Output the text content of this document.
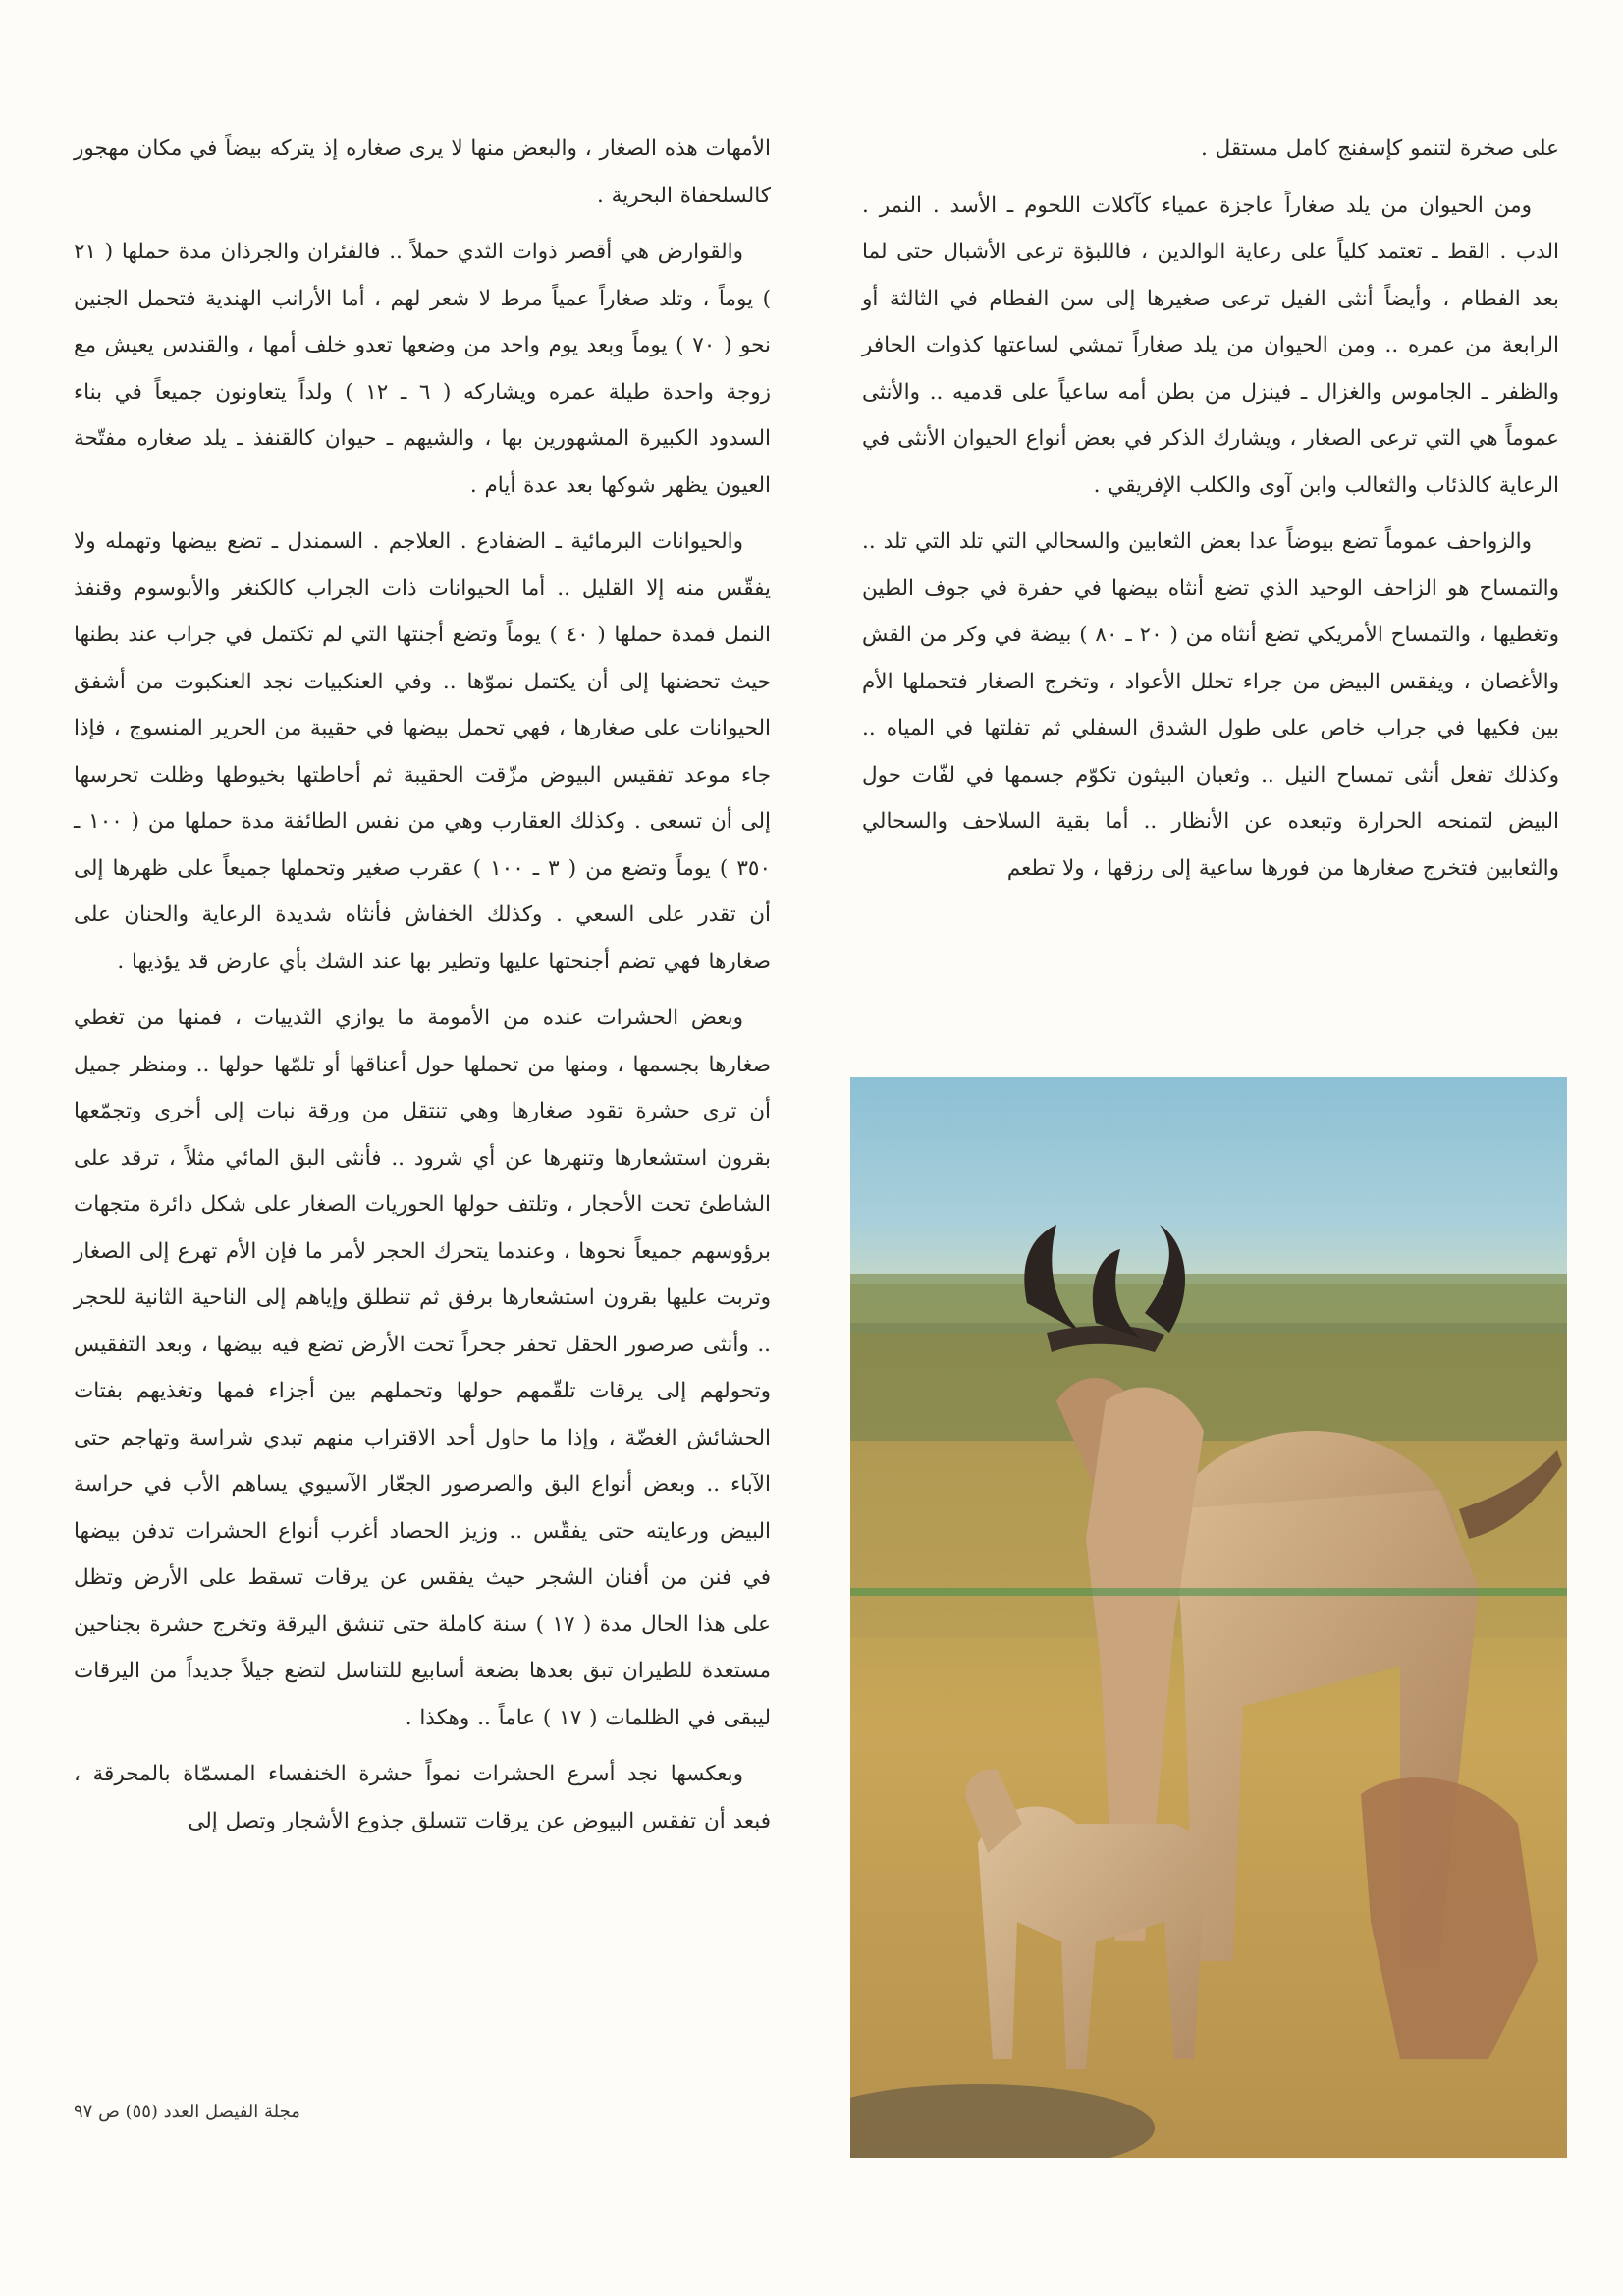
على صخرة لتنمو كإسفنج كامل مستقل .

ومن الحيوان من يلد صغاراً عاجزة عمياء كآكلات اللحوم ـ الأسد . النمر . الدب . القط ـ تعتمد كلياً على رعاية الوالدين ، فاللبؤة ترعى الأشبال حتى لما بعد الفطام ، وأيضاً أنثى الفيل ترعى صغيرها إلى سن الفطام في الثالثة أو الرابعة من عمره .. ومن الحيوان من يلد صغاراً تمشي لساعتها كذوات الحافر والظفر ـ الجاموس والغزال ـ فينزل من بطن أمه ساعياً على قدميه .. والأنثى عموماً هي التي ترعى الصغار ، ويشارك الذكر في بعض أنواع الحيوان الأنثى في الرعاية كالذئاب والثعالب وابن آوى والكلب الإفريقي .

والزواحف عموماً تضع بيوضاً عدا بعض الثعابين والسحالي التي تلد التي تلد .. والتمساح هو الزاحف الوحيد الذي تضع أنثاه بيضها في حفرة في جوف الطين وتغطيها ، والتمساح الأمريكي تضع أنثاه من ( ٢٠ ـ ٨٠ ) بيضة في وكر من القش والأغصان ، ويفقس البيض من جراء تحلل الأعواد ، وتخرج الصغار فتحملها الأم بين فكيها في جراب خاص على طول الشدق السفلي ثم تفلتها في المياه .. وكذلك تفعل أنثى تمساح النيل .. وثعبان البيثون تكوّم جسمها في لفّات حول البيض لتمنحه الحرارة وتبعده عن الأنظار .. أما بقية السلاحف والسحالي والثعابين فتخرج صغارها من فورها ساعية إلى رزقها ، ولا تطعم

الأمهات هذه الصغار ، والبعض منها لا يرى صغاره إذ يتركه بيضاً في مكان مهجور كالسلحفاة البحرية .

والقوارض هي أقصر ذوات الثدي حملاً .. فالفئران والجرذان مدة حملها ( ٢١ ) يوماً ، وتلد صغاراً عمياً مرط لا شعر لهم ، أما الأرانب الهندية فتحمل الجنين نحو ( ٧٠ ) يوماً وبعد يوم واحد من وضعها تعدو خلف أمها ، والقندس يعيش مع زوجة واحدة طيلة عمره ويشاركه ( ٦ ـ ١٢ ) ولداً يتعاونون جميعاً في بناء السدود الكبيرة المشهورين بها ، والشيهم ـ حيوان كالقنفذ ـ يلد صغاره مفتّحة العيون يظهر شوكها بعد عدة أيام .

والحيوانات البرمائية ـ الضفادع . العلاجم . السمندل ـ تضع بيضها وتهمله ولا يفقّس منه إلا القليل .. أما الحيوانات ذات الجراب كالكنغر والأبوسوم وقنفذ النمل فمدة حملها ( ٤٠ ) يوماً وتضع أجنتها التي لم تكتمل في جراب عند بطنها حيث تحضنها إلى أن يكتمل نموّها .. وفي العنكبيات نجد العنكبوت من أشفق الحيوانات على صغارها ، فهي تحمل بيضها في حقيبة من الحرير المنسوج ، فإذا جاء موعد تفقيس البيوض مزّقت الحقيبة ثم أحاطتها بخيوطها وظلت تحرسها إلى أن تسعى . وكذلك العقارب وهي من نفس الطائفة مدة حملها من ( ١٠٠ ـ ٣٥٠ ) يوماً وتضع من ( ٣ ـ ١٠٠ ) عقرب صغير وتحملها جميعاً على ظهرها إلى أن تقدر على السعي . وكذلك الخفاش فأنثاه شديدة الرعاية والحنان على صغارها فهي تضم أجنحتها عليها وتطير بها عند الشك بأي عارض قد يؤذيها .

وبعض الحشرات عنده من الأمومة ما يوازي الثدييات ، فمنها من تغطي صغارها بجسمها ، ومنها من تحملها حول أعناقها أو تلمّها حولها .. ومنظر جميل أن ترى حشرة تقود صغارها وهي تنتقل من ورقة نبات إلى أخرى وتجمّعها بقرون استشعارها وتنهرها عن أي شرود .. فأنثى البق المائي مثلاً ، ترقد على الشاطئ تحت الأحجار ، وتلتف حولها الحوريات الصغار على شكل دائرة متجهات برؤوسهم جميعاً نحوها ، وعندما يتحرك الحجر لأمر ما فإن الأم تهرع إلى الصغار وتربت عليها بقرون استشعارها برفق ثم تنطلق وإياهم إلى الناحية الثانية للحجر .. وأنثى صرصور الحقل تحفر جحراً تحت الأرض تضع فيه بيضها ، وبعد التفقيس وتحولهم إلى يرقات تلقّمهم حولها وتحملهم بين أجزاء فمها وتغذيهم بفتات الحشائش الغضّة ، وإذا ما حاول أحد الاقتراب منهم تبدي شراسة وتهاجم حتى الآباء .. وبعض أنواع البق والصرصور الجعّار الآسيوي يساهم الأب في حراسة البيض ورعايته حتى يفقّس .. وزيز الحصاد أغرب أنواع الحشرات تدفن بيضها في فنن من أفنان الشجر حيث يفقس عن يرقات تسقط على الأرض وتظل على هذا الحال مدة ( ١٧ ) سنة كاملة حتى تنشق اليرقة وتخرج حشرة بجناحين مستعدة للطيران تبق بعدها بضعة أسابيع للتناسل لتضع جيلاً جديداً من اليرقات ليبقى في الظلمات ( ١٧ ) عاماً .. وهكذا .

وبعكسها نجد أسرع الحشرات نمواً حشرة الخنفساء المسمّاة بالمحرقة ، فبعد أن تفقس البيوض عن يرقات تتسلق جذوع الأشجار وتصل إلى

مجلة الفيصل العدد (٥٥) ص ٩٧
